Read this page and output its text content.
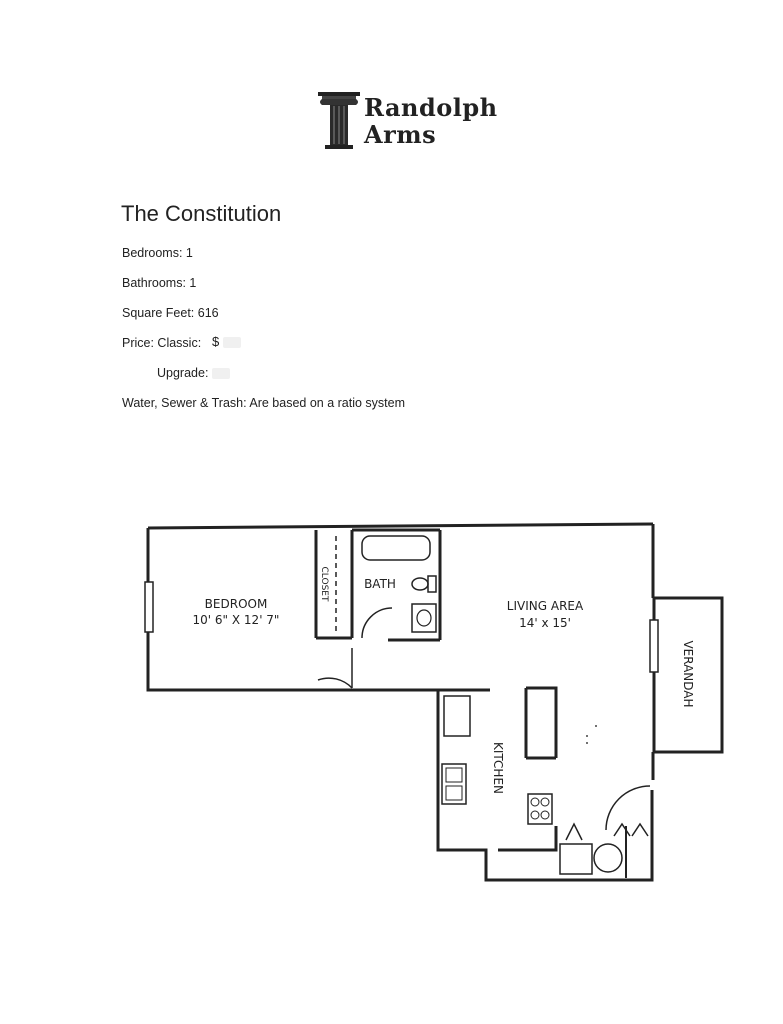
Randolph
Arms
The Constitution
Bedrooms: 1
Bathrooms: 1
Square Feet: 616
Price: Classic: $
Upgrade:
Water, Sewer & Trash: Are based on a ratio system
BEDROOM
10' 6" X 12' 7"
CLOSET	BATH
LIVING AREA
14' x 15'
KITCHEN
VERANDAH
